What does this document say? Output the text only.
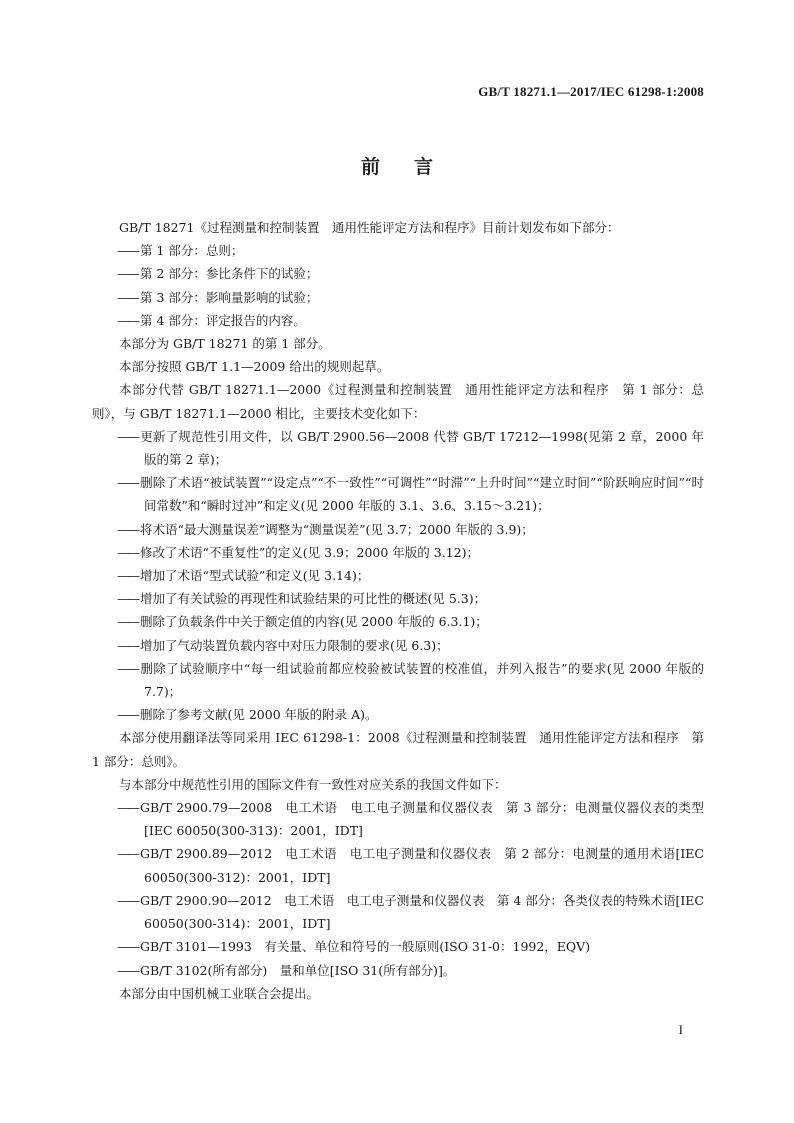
GB/T 18271.1—2017/IEC 61298-1:2008
前言
GB/T 18271《过程测量和控制装置　通用性能评定方法和程序》目前计划发布如下部分：
—— 第 1 部分：总则；
—— 第 2 部分：参比条件下的试验；
—— 第 3 部分：影响量影响的试验；
—— 第 4 部分：评定报告的内容。
本部分为 GB/T 18271 的第 1 部分。
本部分按照 GB/T 1.1—2009 给出的规则起草。
本部分代替 GB/T 18271.1—2000《过程测量和控制装置　通用性能评定方法和程序　第 1 部分：总则》，与 GB/T 18271.1—2000 相比，主要技术变化如下：
—— 更新了规范性引用文件，以 GB/T 2900.56—2008 代替 GB/T 17212—1998(见第 2 章，2000 年版的第 2 章)；
—— 删除了术语“被试装置”“设定点”“不一致性”“可调性”“时滞”“上升时间”“建立时间”“阶跃响应时间”“时间常数”和“瞬时过冲”和定义(见 2000 年版的 3.1、3.6、3.15～3.21)；
—— 将术语“最大测量误差”调整为“测量误差”(见 3.7；2000 年版的 3.9)；
—— 修改了术语“不重复性”的定义(见 3.9；2000 年版的 3.12)；
—— 增加了术语“型式试验”和定义(见 3.14)；
—— 增加了有关试验的再现性和试验结果的可比性的概述(见 5.3)；
—— 删除了负载条件中关于额定值的内容(见 2000 年版的 6.3.1)；
—— 增加了气动装置负载内容中对压力限制的要求(见 6.3)；
—— 删除了试验顺序中“每一组试验前都应校验被试装置的校准值，并列入报告”的要求(见 2000 年版的 7.7)；
—— 删除了参考文献(见 2000 年版的附录 A)。
本部分使用翻译法等同采用 IEC 61298-1：2008《过程测量和控制装置　通用性能评定方法和程序　第 1 部分：总则》。
与本部分中规范性引用的国际文件有一致性对应关系的我国文件如下：
—— GB/T 2900.79—2008　电工术语　电工电子测量和仪器仪表　第 3 部分：电测量仪器仪表的类型[IEC 60050(300-313)：2001，IDT]
—— GB/T 2900.89—2012　电工术语　电工电子测量和仪器仪表　第 2 部分：电测量的通用术语[IEC 60050(300-312)：2001，IDT]
—— GB/T 2900.90—2012　电工术语　电工电子测量和仪器仪表　第 4 部分：各类仪表的特殊术语[IEC 60050(300-314)：2001，IDT]
—— GB/T 3101—1993　有关量、单位和符号的一般原则(ISO 31-0：1992，EQV)
—— GB/T 3102(所有部分)　量和单位[ISO 31(所有部分)]。
本部分由中国机械工业联合会提出。
I
